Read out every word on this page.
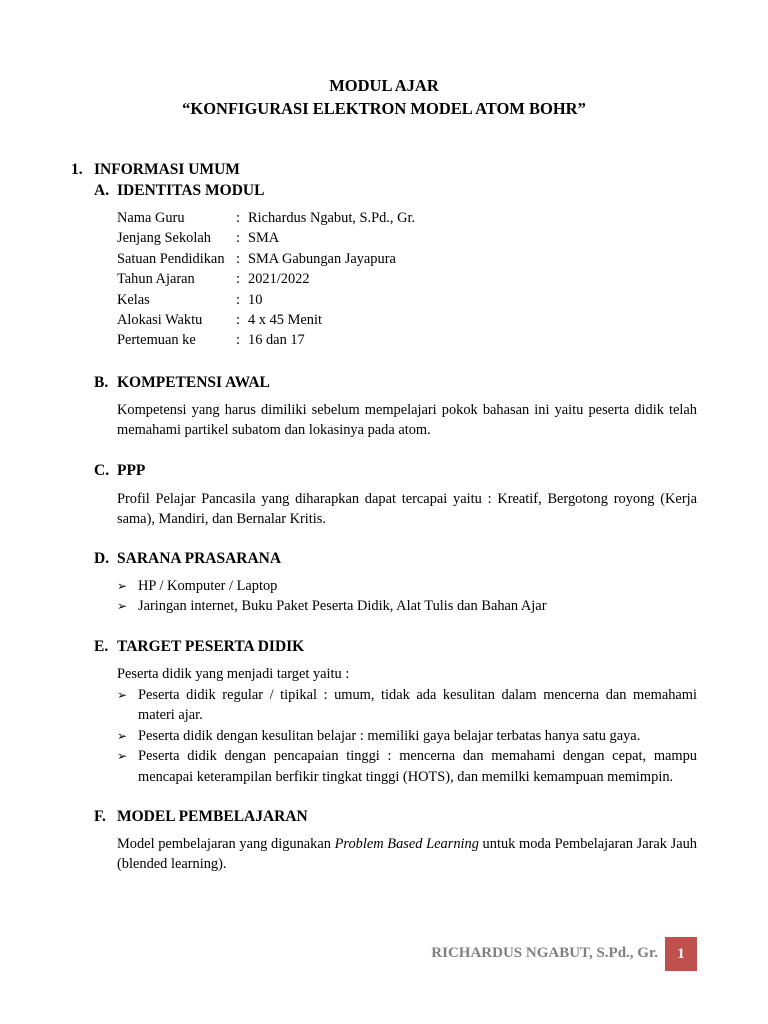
MODUL AJAR
“KONFIGURASI ELEKTRON MODEL ATOM BOHR”
1. INFORMASI UMUM
A. IDENTITAS MODUL
Nama Guru	:	Richardus Ngabut, S.Pd., Gr.
Jenjang Sekolah	:	SMA
Satuan Pendidikan	:	SMA Gabungan Jayapura
Tahun Ajaran	:	2021/2022
Kelas	:	10
Alokasi Waktu	:	4 x 45 Menit
Pertemuan ke	:	16 dan 17
B. KOMPETENSI AWAL
Kompetensi yang harus dimiliki sebelum mempelajari pokok bahasan ini yaitu peserta didik telah memahami partikel subatom dan lokasinya pada atom.
C. PPP
Profil Pelajar Pancasila yang diharapkan dapat tercapai yaitu : Kreatif, Bergotong royong (Kerja sama), Mandiri, dan Bernalar Kritis.
D. SARANA PRASARANA
➢ HP / Komputer / Laptop
➢ Jaringan internet, Buku Paket Peserta Didik, Alat Tulis dan Bahan Ajar
E. TARGET PESERTA DIDIK
Peserta didik yang menjadi target yaitu :
➢ Peserta didik regular / tipikal : umum, tidak ada kesulitan dalam mencerna dan memahami materi ajar.
➢ Peserta didik dengan kesulitan belajar : memiliki gaya belajar terbatas hanya satu gaya.
➢ Peserta didik dengan pencapaian tinggi : mencerna dan memahami dengan cepat, mampu mencapai keterampilan berfikir tingkat tinggi (HOTS), dan memilki kemampuan memimpin.
F. MODEL PEMBELAJARAN
Model pembelajaran yang digunakan Problem Based Learning untuk moda Pembelajaran Jarak Jauh (blended learning).
RICHARDUS NGABUT, S.Pd., Gr.	1
